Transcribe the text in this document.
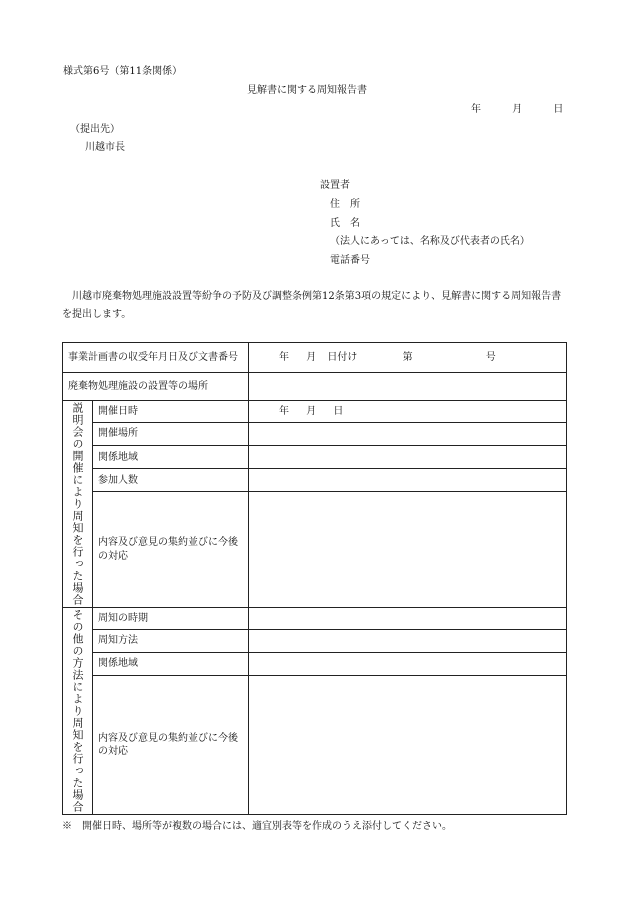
様式第6号（第11条関係）
見解書に関する周知報告書
年	月	日
（提出先）
川越市長
設置者
住　所
氏　名
（法人にあっては、名称及び代表者の氏名）
電話番号
川越市廃棄物処理施設設置等紛争の予防及び調整条例第12条第3項の規定により、見解書に関する周知報告書を提出します。
事業計画書の収受年月日及び文書番号		年 月 日付け 第 号
廃棄物処理施設の設置等の場所		

説明会の開催により周知を行った場合	開催日時	年 月 日
	開催場所	
	関係地域	
	参加人数	
	内容及び意見の集約並びに今後の対応	

その他の方法により周知を行った場合	周知の時期	
	周知方法	
	関係地域	
	内容及び意見の集約並びに今後の対応	
※　開催日時、場所等が複数の場合には、適宜別表等を作成のうえ添付してください。
